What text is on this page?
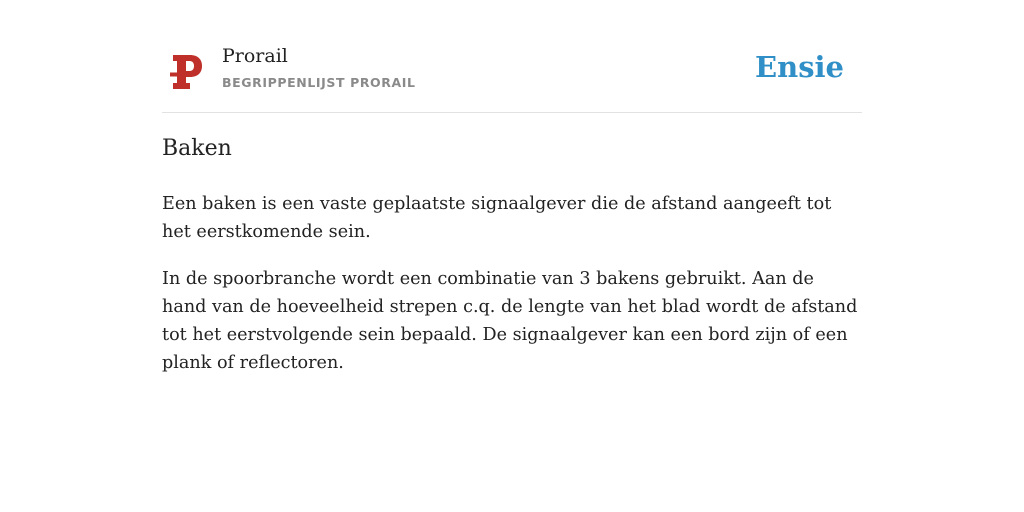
Prorail
BEGRIPPENLIJST PRORAIL	Ensie
Baken

Een baken is een vaste geplaatste signaalgever die de afstand aangeeft tot het eerstkomende sein.

In de spoorbranche wordt een combinatie van 3 bakens gebruikt. Aan de hand van de hoeveelheid strepen c.q. de lengte van het blad wordt de afstand tot het eerstvolgende sein bepaald. De signaalgever kan een bord zijn of een plank of reflectoren.
